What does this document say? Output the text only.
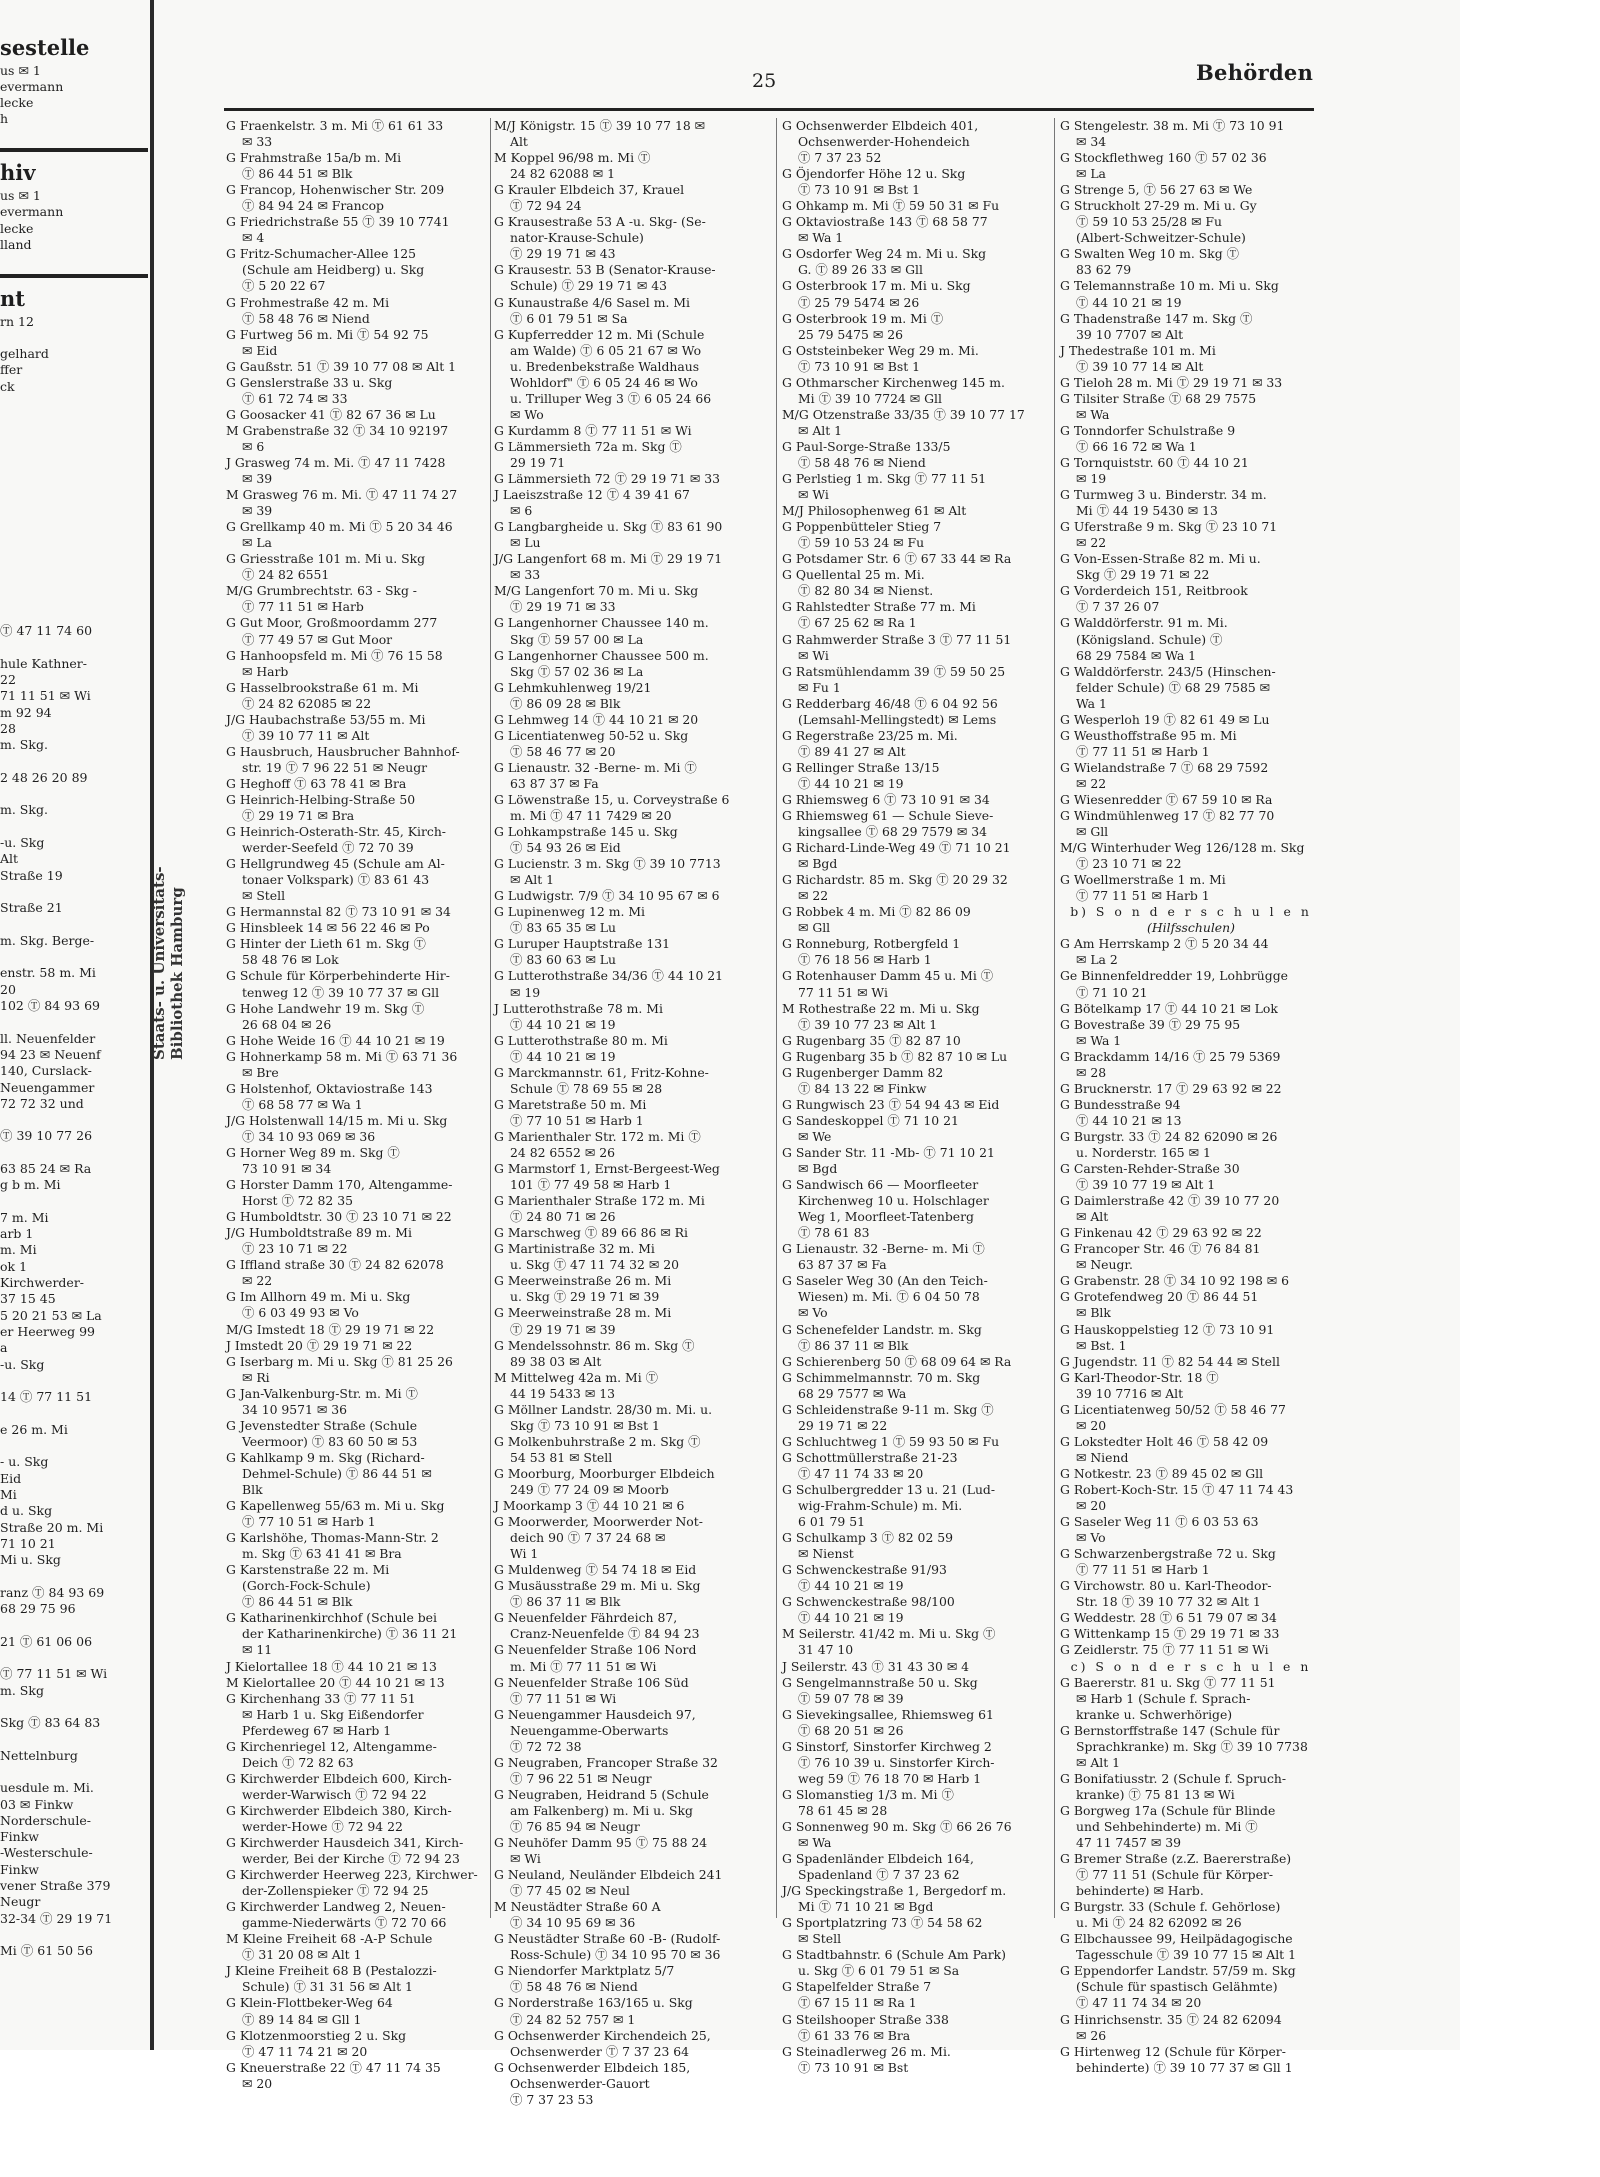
sestelle
us ✉ 1
evermann
lecke
h

hiv
us ✉ 1
evermann
lecke
lland

nt
rn 12

gelhard
ffer
ck

Ⓣ 47 11 74 60

hule Kathner-
22
71 11 51 ✉ Wi
m 92 94
28
m. Skg.

2 48 26 20 89

m. Skg.

-u. Skg
Alt
Straße 19

Straße 21

m. Skg. Berge-

enstr. 58 m. Mi
20
102 Ⓣ 84 93 69

ll. Neuenfelder
94 23 ✉ Neuenf
140, Curslack-
Neuengammer
72 72 32 und

Ⓣ 39 10 77 26

63 85 24 ✉ Ra
g b m. Mi

7 m. Mi
arb 1
m. Mi
ok 1
Kirchwerder-
37 15 45
5 20 21 53 ✉ La
er Heerweg 99
a
-u. Skg

14 Ⓣ 77 11 51

e 26 m. Mi

- u. Skg
Eid
Mi
d u. Skg
Straße 20 m. Mi
71 10 21
Mi u. Skg

ranz Ⓣ 84 93 69
68 29 75 96

21 Ⓣ 61 06 06

Ⓣ 77 11 51 ✉ Wi
m. Skg

Skg Ⓣ 83 64 83

Nettelnburg

uesdule m. Mi.
03 ✉ Finkw
Norderschule-
Finkw
-Westerschule-
Finkw
vener Straße 379
Neugr
32-34 Ⓣ 29 19 71

Mi Ⓣ 61 50 56
Staats- u. Universitäts- Bibliothek Hamburg
25	Behörden
G Fraenkelstr. 3 m. Mi Ⓣ 61 61 33
✉ 33
G Frahmstraße 15a/b m. Mi
Ⓣ 86 44 51 ✉ Blk
G Francop, Hohenwischer Str. 209
Ⓣ 84 94 24 ✉ Francop
G Friedrichstraße 55 Ⓣ 39 10 7741
✉ 4
G Fritz-Schumacher-Allee 125
(Schule am Heidberg) u. Skg
Ⓣ 5 20 22 67
G Frohmestraße 42 m. Mi
Ⓣ 58 48 76 ✉ Niend
G Furtweg 56 m. Mi Ⓣ 54 92 75
✉ Eid
G Gaußstr. 51 Ⓣ 39 10 77 08 ✉ Alt 1
G Genslerstraße 33 u. Skg
Ⓣ 61 72 74 ✉ 33
G Goosacker 41 Ⓣ 82 67 36 ✉ Lu
M Grabenstraße 32 Ⓣ 34 10 92197
✉ 6
J Grasweg 74 m. Mi. Ⓣ 47 11 7428
✉ 39
M Grasweg 76 m. Mi. Ⓣ 47 11 74 27
✉ 39
G Grellkamp 40 m. Mi Ⓣ 5 20 34 46
✉ La
G Griesstraße 101 m. Mi u. Skg
Ⓣ 24 82 6551
M/G Grumbrechtstr. 63 - Skg -
Ⓣ 77 11 51 ✉ Harb
G Gut Moor, Großmoordamm 277
Ⓣ 77 49 57 ✉ Gut Moor
G Hanhoopsfeld m. Mi Ⓣ 76 15 58
✉ Harb
G Hasselbrookstraße 61 m. Mi
Ⓣ 24 82 62085 ✉ 22
J/G Haubachstraße 53/55 m. Mi
Ⓣ 39 10 77 11 ✉ Alt
G Hausbruch, Hausbrucher Bahnhof-
str. 19 Ⓣ 7 96 22 51 ✉ Neugr
G Heghoff Ⓣ 63 78 41 ✉ Bra
G Heinrich-Helbing-Straße 50
Ⓣ 29 19 71 ✉ Bra
G Heinrich-Osterath-Str. 45, Kirch-
werder-Seefeld Ⓣ 72 70 39
G Hellgrundweg 45 (Schule am Al-
tonaer Volkspark) Ⓣ 83 61 43
✉ Stell
G Hermannstal 82 Ⓣ 73 10 91 ✉ 34
G Hinsbleek 14 ✉ 56 22 46 ✉ Po
G Hinter der Lieth 61 m. Skg Ⓣ
58 48 76 ✉ Lok
G Schule für Körperbehinderte Hir-
tenweg 12 Ⓣ 39 10 77 37 ✉ Gll
G Hohe Landwehr 19 m. Skg Ⓣ
26 68 04 ✉ 26
G Hohe Weide 16 Ⓣ 44 10 21 ✉ 19
G Hohnerkamp 58 m. Mi Ⓣ 63 71 36
✉ Bre
G Holstenhof, Oktaviostraße 143
Ⓣ 68 58 77 ✉ Wa 1
J/G Holstenwall 14/15 m. Mi u. Skg
Ⓣ 34 10 93 069 ✉ 36
G Horner Weg 89 m. Skg Ⓣ
73 10 91 ✉ 34
G Horster Damm 170, Altengamme-
Horst Ⓣ 72 82 35
G Humboldtstr. 30 Ⓣ 23 10 71 ✉ 22
J/G Humboldtstraße 89 m. Mi
Ⓣ 23 10 71 ✉ 22
G Iffland straße 30 Ⓣ 24 82 62078
✉ 22
G Im Allhorn 49 m. Mi u. Skg
Ⓣ 6 03 49 93 ✉ Vo
M/G Imstedt 18 Ⓣ 29 19 71 ✉ 22
J Imstedt 20 Ⓣ 29 19 71 ✉ 22
G Iserbarg m. Mi u. Skg Ⓣ 81 25 26
✉ Ri
G Jan-Valkenburg-Str. m. Mi Ⓣ
34 10 9571 ✉ 36
G Jevenstedter Straße (Schule
Veermoor) Ⓣ 83 60 50 ✉ 53
G Kahlkamp 9 m. Skg (Richard-
Dehmel-Schule) Ⓣ 86 44 51 ✉
Blk
G Kapellenweg 55/63 m. Mi u. Skg
Ⓣ 77 10 51 ✉ Harb 1
G Karlshöhe, Thomas-Mann-Str. 2
m. Skg Ⓣ 63 41 41 ✉ Bra
G Karstenstraße 22 m. Mi
(Gorch-Fock-Schule)
Ⓣ 86 44 51 ✉ Blk
G Katharinenkirchhof (Schule bei
der Katharinenkirche) Ⓣ 36 11 21
✉ 11
J Kielortallee 18 Ⓣ 44 10 21 ✉ 13
M Kielortallee 20 Ⓣ 44 10 21 ✉ 13
G Kirchenhang 33 Ⓣ 77 11 51
✉ Harb 1 u. Skg Eißendorfer
Pferdeweg 67 ✉ Harb 1
G Kirchenriegel 12, Altengamme-
Deich Ⓣ 72 82 63
G Kirchwerder Elbdeich 600, Kirch-
werder-Warwisch Ⓣ 72 94 22
G Kirchwerder Elbdeich 380, Kirch-
werder-Howe Ⓣ 72 94 22
G Kirchwerder Hausdeich 341, Kirch-
werder, Bei der Kirche Ⓣ 72 94 23
G Kirchwerder Heerweg 223, Kirchwer-
der-Zollenspieker Ⓣ 72 94 25
G Kirchwerder Landweg 2, Neuen-
gamme-Niederwärts Ⓣ 72 70 66
M Kleine Freiheit 68 -A-P Schule
Ⓣ 31 20 08 ✉ Alt 1
J Kleine Freiheit 68 B (Pestalozzi-
Schule) Ⓣ 31 31 56 ✉ Alt 1
G Klein-Flottbeker-Weg 64
Ⓣ 89 14 84 ✉ Gll 1
G Klotzenmoorstieg 2 u. Skg
Ⓣ 47 11 74 21 ✉ 20
G Kneuerstraße 22 Ⓣ 47 11 74 35
✉ 20
M/J Königstr. 15 Ⓣ 39 10 77 18 ✉
Alt
M Koppel 96/98 m. Mi Ⓣ
24 82 62088 ✉ 1
G Krauler Elbdeich 37, Krauel
Ⓣ 72 94 24
G Krausestraße 53 A -u. Skg- (Se-
nator-Krause-Schule)
Ⓣ 29 19 71 ✉ 43
G Krausestr. 53 B (Senator-Krause-
Schule) Ⓣ 29 19 71 ✉ 43
G Kunaustraße 4/6 Sasel m. Mi
Ⓣ 6 01 79 51 ✉ Sa
G Kupferredder 12 m. Mi (Schule
am Walde) Ⓣ 6 05 21 67 ✉ Wo
u. Bredenbekstraße Waldhaus
Wohldorf" Ⓣ 6 05 24 46 ✉ Wo
u. Trilluper Weg 3 Ⓣ 6 05 24 66
✉ Wo
G Kurdamm 8 Ⓣ 77 11 51 ✉ Wi
G Lämmersieth 72a m. Skg Ⓣ
29 19 71
G Lämmersieth 72 Ⓣ 29 19 71 ✉ 33
J Laeiszstraße 12 Ⓣ 4 39 41 67
✉ 6
G Langbargheide u. Skg Ⓣ 83 61 90
✉ Lu
J/G Langenfort 68 m. Mi Ⓣ 29 19 71
✉ 33
M/G Langenfort 70 m. Mi u. Skg
Ⓣ 29 19 71 ✉ 33
G Langenhorner Chaussee 140 m.
Skg Ⓣ 59 57 00 ✉ La
G Langenhorner Chaussee 500 m.
Skg Ⓣ 57 02 36 ✉ La
G Lehmkuhlenweg 19/21
Ⓣ 86 09 28 ✉ Blk
G Lehmweg 14 Ⓣ 44 10 21 ✉ 20
G Licentiatenweg 50-52 u. Skg
Ⓣ 58 46 77 ✉ 20
G Lienaustr. 32 -Berne- m. Mi Ⓣ
63 87 37 ✉ Fa
G Löwenstraße 15, u. Corveystraße 6
m. Mi Ⓣ 47 11 7429 ✉ 20
G Lohkampstraße 145 u. Skg
Ⓣ 54 93 26 ✉ Eid
G Lucienstr. 3 m. Skg Ⓣ 39 10 7713
✉ Alt 1
G Ludwigstr. 7/9 Ⓣ 34 10 95 67 ✉ 6
G Lupinenweg 12 m. Mi
Ⓣ 83 65 35 ✉ Lu
G Luruper Hauptstraße 131
Ⓣ 83 60 63 ✉ Lu
G Lutterothstraße 34/36 Ⓣ 44 10 21
✉ 19
J Lutterothstraße 78 m. Mi
Ⓣ 44 10 21 ✉ 19
G Lutterothstraße 80 m. Mi
Ⓣ 44 10 21 ✉ 19
G Marckmannstr. 61, Fritz-Kohne-
Schule Ⓣ 78 69 55 ✉ 28
G Maretstraße 50 m. Mi
Ⓣ 77 10 51 ✉ Harb 1
G Marienthaler Str. 172 m. Mi Ⓣ
24 82 6552 ✉ 26
G Marmstorf 1, Ernst-Bergeest-Weg
101 Ⓣ 77 49 58 ✉ Harb 1
G Marienthaler Straße 172 m. Mi
Ⓣ 24 80 71 ✉ 26
G Marschweg Ⓣ 89 66 86 ✉ Ri
G Martinistraße 32 m. Mi
u. Skg Ⓣ 47 11 74 32 ✉ 20
G Meerweinstraße 26 m. Mi
u. Skg Ⓣ 29 19 71 ✉ 39
G Meerweinstraße 28 m. Mi
Ⓣ 29 19 71 ✉ 39
G Mendelssohnstr. 86 m. Skg Ⓣ
89 38 03 ✉ Alt
M Mittelweg 42a m. Mi Ⓣ
44 19 5433 ✉ 13
G Möllner Landstr. 28/30 m. Mi. u.
Skg Ⓣ 73 10 91 ✉ Bst 1
G Molkenbuhrstraße 2 m. Skg Ⓣ
54 53 81 ✉ Stell
G Moorburg, Moorburger Elbdeich
249 Ⓣ 77 24 09 ✉ Moorb
J Moorkamp 3 Ⓣ 44 10 21 ✉ 6
G Moorwerder, Moorwerder Not-
deich 90 Ⓣ 7 37 24 68 ✉
Wi 1
G Muldenweg Ⓣ 54 74 18 ✉ Eid
G Musäusstraße 29 m. Mi u. Skg
Ⓣ 86 37 11 ✉ Blk
G Neuenfelder Fährdeich 87,
Cranz-Neuenfelde Ⓣ 84 94 23
G Neuenfelder Straße 106 Nord
m. Mi Ⓣ 77 11 51 ✉ Wi
G Neuenfelder Straße 106 Süd
Ⓣ 77 11 51 ✉ Wi
G Neuengammer Hausdeich 97,
Neuengamme-Oberwarts
Ⓣ 72 72 38
G Neugraben, Francoper Straße 32
Ⓣ 7 96 22 51 ✉ Neugr
G Neugraben, Heidrand 5 (Schule
am Falkenberg) m. Mi u. Skg
Ⓣ 76 85 94 ✉ Neugr
G Neuhöfer Damm 95 Ⓣ 75 88 24
✉ Wi
G Neuland, Neuländer Elbdeich 241
Ⓣ 77 45 02 ✉ Neul
M Neustädter Straße 60 A
Ⓣ 34 10 95 69 ✉ 36
G Neustädter Straße 60 -B- (Rudolf-
Ross-Schule) Ⓣ 34 10 95 70 ✉ 36
G Niendorfer Marktplatz 5/7
Ⓣ 58 48 76 ✉ Niend
G Norderstraße 163/165 u. Skg
Ⓣ 24 82 52 757 ✉ 1
G Ochsenwerder Kirchendeich 25,
Ochsenwerder Ⓣ 7 37 23 64
G Ochsenwerder Elbdeich 185,
Ochsenwerder-Gauort
Ⓣ 7 37 23 53
G Ochsenwerder Elbdeich 401,
Ochsenwerder-Hohendeich
Ⓣ 7 37 23 52
G Öjendorfer Höhe 12 u. Skg
Ⓣ 73 10 91 ✉ Bst 1
G Ohkamp m. Mi Ⓣ 59 50 31 ✉ Fu
G Oktaviostraße 143 Ⓣ 68 58 77
✉ Wa 1
G Osdorfer Weg 24 m. Mi u. Skg
G. Ⓣ 89 26 33 ✉ Gll
G Osterbrook 17 m. Mi u. Skg
Ⓣ 25 79 5474 ✉ 26
G Osterbrook 19 m. Mi Ⓣ
25 79 5475 ✉ 26
G Oststeinbeker Weg 29 m. Mi.
Ⓣ 73 10 91 ✉ Bst 1
G Othmarscher Kirchenweg 145 m.
Mi Ⓣ 39 10 7724 ✉ Gll
M/G Otzenstraße 33/35 Ⓣ 39 10 77 17
✉ Alt 1
G Paul-Sorge-Straße 133/5
Ⓣ 58 48 76 ✉ Niend
G Perlstieg 1 m. Skg Ⓣ 77 11 51
✉ Wi
M/J Philosophenweg 61 ✉ Alt
G Poppenbütteler Stieg 7
Ⓣ 59 10 53 24 ✉ Fu
G Potsdamer Str. 6 Ⓣ 67 33 44 ✉ Ra
G Quellental 25 m. Mi.
Ⓣ 82 80 34 ✉ Nienst.
G Rahlstedter Straße 77 m. Mi
Ⓣ 67 25 62 ✉ Ra 1
G Rahmwerder Straße 3 Ⓣ 77 11 51
✉ Wi
G Ratsmühlendamm 39 Ⓣ 59 50 25
✉ Fu 1
G Redderbarg 46/48 Ⓣ 6 04 92 56
(Lemsahl-Mellingstedt) ✉ Lems
G Regerstraße 23/25 m. Mi.
Ⓣ 89 41 27 ✉ Alt
G Rellinger Straße 13/15
Ⓣ 44 10 21 ✉ 19
G Rhiemsweg 6 Ⓣ 73 10 91 ✉ 34
G Rhiemsweg 61 — Schule Sieve-
kingsallee Ⓣ 68 29 7579 ✉ 34
G Richard-Linde-Weg 49 Ⓣ 71 10 21
✉ Bgd
G Richardstr. 85 m. Skg Ⓣ 20 29 32
✉ 22
G Robbek 4 m. Mi Ⓣ 82 86 09
✉ Gll
G Ronneburg, Rotbergfeld 1
Ⓣ 76 18 56 ✉ Harb 1
G Rotenhauser Damm 45 u. Mi Ⓣ
77 11 51 ✉ Wi
M Rothestraße 22 m. Mi u. Skg
Ⓣ 39 10 77 23 ✉ Alt 1
G Rugenbarg 35 Ⓣ 82 87 10
G Rugenbarg 35 b Ⓣ 82 87 10 ✉ Lu
G Rugenberger Damm 82
Ⓣ 84 13 22 ✉ Finkw
G Rungwisch 23 Ⓣ 54 94 43 ✉ Eid
G Sandeskoppel Ⓣ 71 10 21
✉ We
G Sander Str. 11 -Mb- Ⓣ 71 10 21
✉ Bgd
G Sandwisch 66 — Moorfleeter
Kirchenweg 10 u. Holschlager
Weg 1, Moorfleet-Tatenberg
Ⓣ 78 61 83
G Lienaustr. 32 -Berne- m. Mi Ⓣ
63 87 37 ✉ Fa
G Saseler Weg 30 (An den Teich-
Wiesen) m. Mi. Ⓣ 6 04 50 78
✉ Vo
G Schenefelder Landstr. m. Skg
Ⓣ 86 37 11 ✉ Blk
G Schierenberg 50 Ⓣ 68 09 64 ✉ Ra
G Schimmelmannstr. 70 m. Skg
68 29 7577 ✉ Wa
G Schleidenstraße 9-11 m. Skg Ⓣ
29 19 71 ✉ 22
G Schluchtweg 1 Ⓣ 59 93 50 ✉ Fu
G Schottmüllerstraße 21-23
Ⓣ 47 11 74 33 ✉ 20
G Schulbergredder 13 u. 21 (Lud-
wig-Frahm-Schule) m. Mi.
6 01 79 51
G Schulkamp 3 Ⓣ 82 02 59
✉ Nienst
G Schwenckestraße 91/93
Ⓣ 44 10 21 ✉ 19
G Schwenckestraße 98/100
Ⓣ 44 10 21 ✉ 19
M Seilerstr. 41/42 m. Mi u. Skg Ⓣ
31 47 10
J Seilerstr. 43 Ⓣ 31 43 30 ✉ 4
G Sengelmannstraße 50 u. Skg
Ⓣ 59 07 78 ✉ 39
G Sievekingsallee, Rhiemsweg 61
Ⓣ 68 20 51 ✉ 26
G Sinstorf, Sinstorfer Kirchweg 2
Ⓣ 76 10 39 u. Sinstorfer Kirch-
weg 59 Ⓣ 76 18 70 ✉ Harb 1
G Slomanstieg 1/3 m. Mi Ⓣ
78 61 45 ✉ 28
G Sonnenweg 90 m. Skg Ⓣ 66 26 76
✉ Wa
G Spadenländer Elbdeich 164,
Spadenland Ⓣ 7 37 23 62
J/G Speckingstraße 1, Bergedorf m.
Mi Ⓣ 71 10 21 ✉ Bgd
G Sportplatzring 73 Ⓣ 54 58 62
✉ Stell
G Stadtbahnstr. 6 (Schule Am Park)
u. Skg Ⓣ 6 01 79 51 ✉ Sa
G Stapelfelder Straße 7
Ⓣ 67 15 11 ✉ Ra 1
G Steilshooper Straße 338
Ⓣ 61 33 76 ✉ Bra
G Steinadlerweg 26 m. Mi.
Ⓣ 73 10 91 ✉ Bst
G Stengelestr. 38 m. Mi Ⓣ 73 10 91
✉ 34
G Stockflethweg 160 Ⓣ 57 02 36
✉ La
G Strenge 5, Ⓣ 56 27 63 ✉ We
G Struckholt 27-29 m. Mi u. Gy
Ⓣ 59 10 53 25/28 ✉ Fu
(Albert-Schweitzer-Schule)
G Swalten Weg 10 m. Skg Ⓣ
83 62 79
G Telemannstraße 10 m. Mi u. Skg
Ⓣ 44 10 21 ✉ 19
G Thadenstraße 147 m. Skg Ⓣ
39 10 7707 ✉ Alt
J Thedestraße 101 m. Mi
Ⓣ 39 10 77 14 ✉ Alt
G Tieloh 28 m. Mi Ⓣ 29 19 71 ✉ 33
G Tilsiter Straße Ⓣ 68 29 7575
✉ Wa
G Tonndorfer Schulstraße 9
Ⓣ 66 16 72 ✉ Wa 1
G Tornquiststr. 60 Ⓣ 44 10 21
✉ 19
G Turmweg 3 u. Binderstr. 34 m.
Mi Ⓣ 44 19 5430 ✉ 13
G Uferstraße 9 m. Skg Ⓣ 23 10 71
✉ 22
G Von-Essen-Straße 82 m. Mi u.
Skg Ⓣ 29 19 71 ✉ 22
G Vorderdeich 151, Reitbrook
Ⓣ 7 37 26 07
G Walddörferstr. 91 m. Mi.
(Königsland. Schule) Ⓣ
68 29 7584 ✉ Wa 1
G Walddörferstr. 243/5 (Hinschen-
felder Schule) Ⓣ 68 29 7585 ✉
Wa 1
G Wesperloh 19 Ⓣ 82 61 49 ✉ Lu
G Weusthoffstraße 95 m. Mi
Ⓣ 77 11 51 ✉ Harb 1
G Wielandstraße 7 Ⓣ 68 29 7592
✉ 22
G Wiesenredder Ⓣ 67 59 10 ✉ Ra
G Windmühlenweg 17 Ⓣ 82 77 70
✉ Gll
M/G Winterhuder Weg 126/128 m. Skg
Ⓣ 23 10 71 ✉ 22
G Woellmerstraße 1 m. Mi
Ⓣ 77 11 51 ✉ Harb 1
b) S o n d e r s c h u l e n
(Hilfsschulen)
G Am Herrskamp 2 Ⓣ 5 20 34 44
✉ La 2
Ge Binnenfeldredder 19, Lohbrügge
Ⓣ 71 10 21
G Bötelkamp 17 Ⓣ 44 10 21 ✉ Lok
G Bovestraße 39 Ⓣ 29 75 95
✉ Wa 1
G Brackdamm 14/16 Ⓣ 25 79 5369
✉ 28
G Brucknerstr. 17 Ⓣ 29 63 92 ✉ 22
G Bundesstraße 94
Ⓣ 44 10 21 ✉ 13
G Burgstr. 33 Ⓣ 24 82 62090 ✉ 26
u. Norderstr. 165 ✉ 1
G Carsten-Rehder-Straße 30
Ⓣ 39 10 77 19 ✉ Alt 1
G Daimlerstraße 42 Ⓣ 39 10 77 20
✉ Alt
G Finkenau 42 Ⓣ 29 63 92 ✉ 22
G Francoper Str. 46 Ⓣ 76 84 81
✉ Neugr.
G Grabenstr. 28 Ⓣ 34 10 92 198 ✉ 6
G Grotefendweg 20 Ⓣ 86 44 51
✉ Blk
G Hauskoppelstieg 12 Ⓣ 73 10 91
✉ Bst. 1
G Jugendstr. 11 Ⓣ 82 54 44 ✉ Stell
G Karl-Theodor-Str. 18 Ⓣ
39 10 7716 ✉ Alt
G Licentiatenweg 50/52 Ⓣ 58 46 77
✉ 20
G Lokstedter Holt 46 Ⓣ 58 42 09
✉ Niend
G Notkestr. 23 Ⓣ 89 45 02 ✉ Gll
G Robert-Koch-Str. 15 Ⓣ 47 11 74 43
✉ 20
G Saseler Weg 11 Ⓣ 6 03 53 63
✉ Vo
G Schwarzenbergstraße 72 u. Skg
Ⓣ 77 11 51 ✉ Harb 1
G Virchowstr. 80 u. Karl-Theodor-
Str. 18 Ⓣ 39 10 77 32 ✉ Alt 1
G Weddestr. 28 Ⓣ 6 51 79 07 ✉ 34
G Wittenkamp 15 Ⓣ 29 19 71 ✉ 33
G Zeidlerstr. 75 Ⓣ 77 11 51 ✉ Wi
c) S o n d e r s c h u l e n
G Baererstr. 81 u. Skg Ⓣ 77 11 51
✉ Harb 1 (Schule f. Sprach-
kranke u. Schwerhörige)
G Bernstorffstraße 147 (Schule für
Sprachkranke) m. Skg Ⓣ 39 10 7738
✉ Alt 1
G Bonifatiusstr. 2 (Schule f. Spruch-
kranke) Ⓣ 75 81 13 ✉ Wi
G Borgweg 17a (Schule für Blinde
und Sehbehinderte) m. Mi Ⓣ
47 11 7457 ✉ 39
G Bremer Straße (z.Z. Baererstraße)
Ⓣ 77 11 51 (Schule für Körper-
behinderte) ✉ Harb.
G Burgstr. 33 (Schule f. Gehörlose)
u. Mi Ⓣ 24 82 62092 ✉ 26
G Elbchaussee 99, Heilpädagogische
Tagesschule Ⓣ 39 10 77 15 ✉ Alt 1
G Eppendorfer Landstr. 57/59 m. Skg
(Schule für spastisch Gelähmte)
Ⓣ 47 11 74 34 ✉ 20
G Hinrichsenstr. 35 Ⓣ 24 82 62094
✉ 26
G Hirtenweg 12 (Schule für Körper-
behinderte) Ⓣ 39 10 77 37 ✉ Gll 1
